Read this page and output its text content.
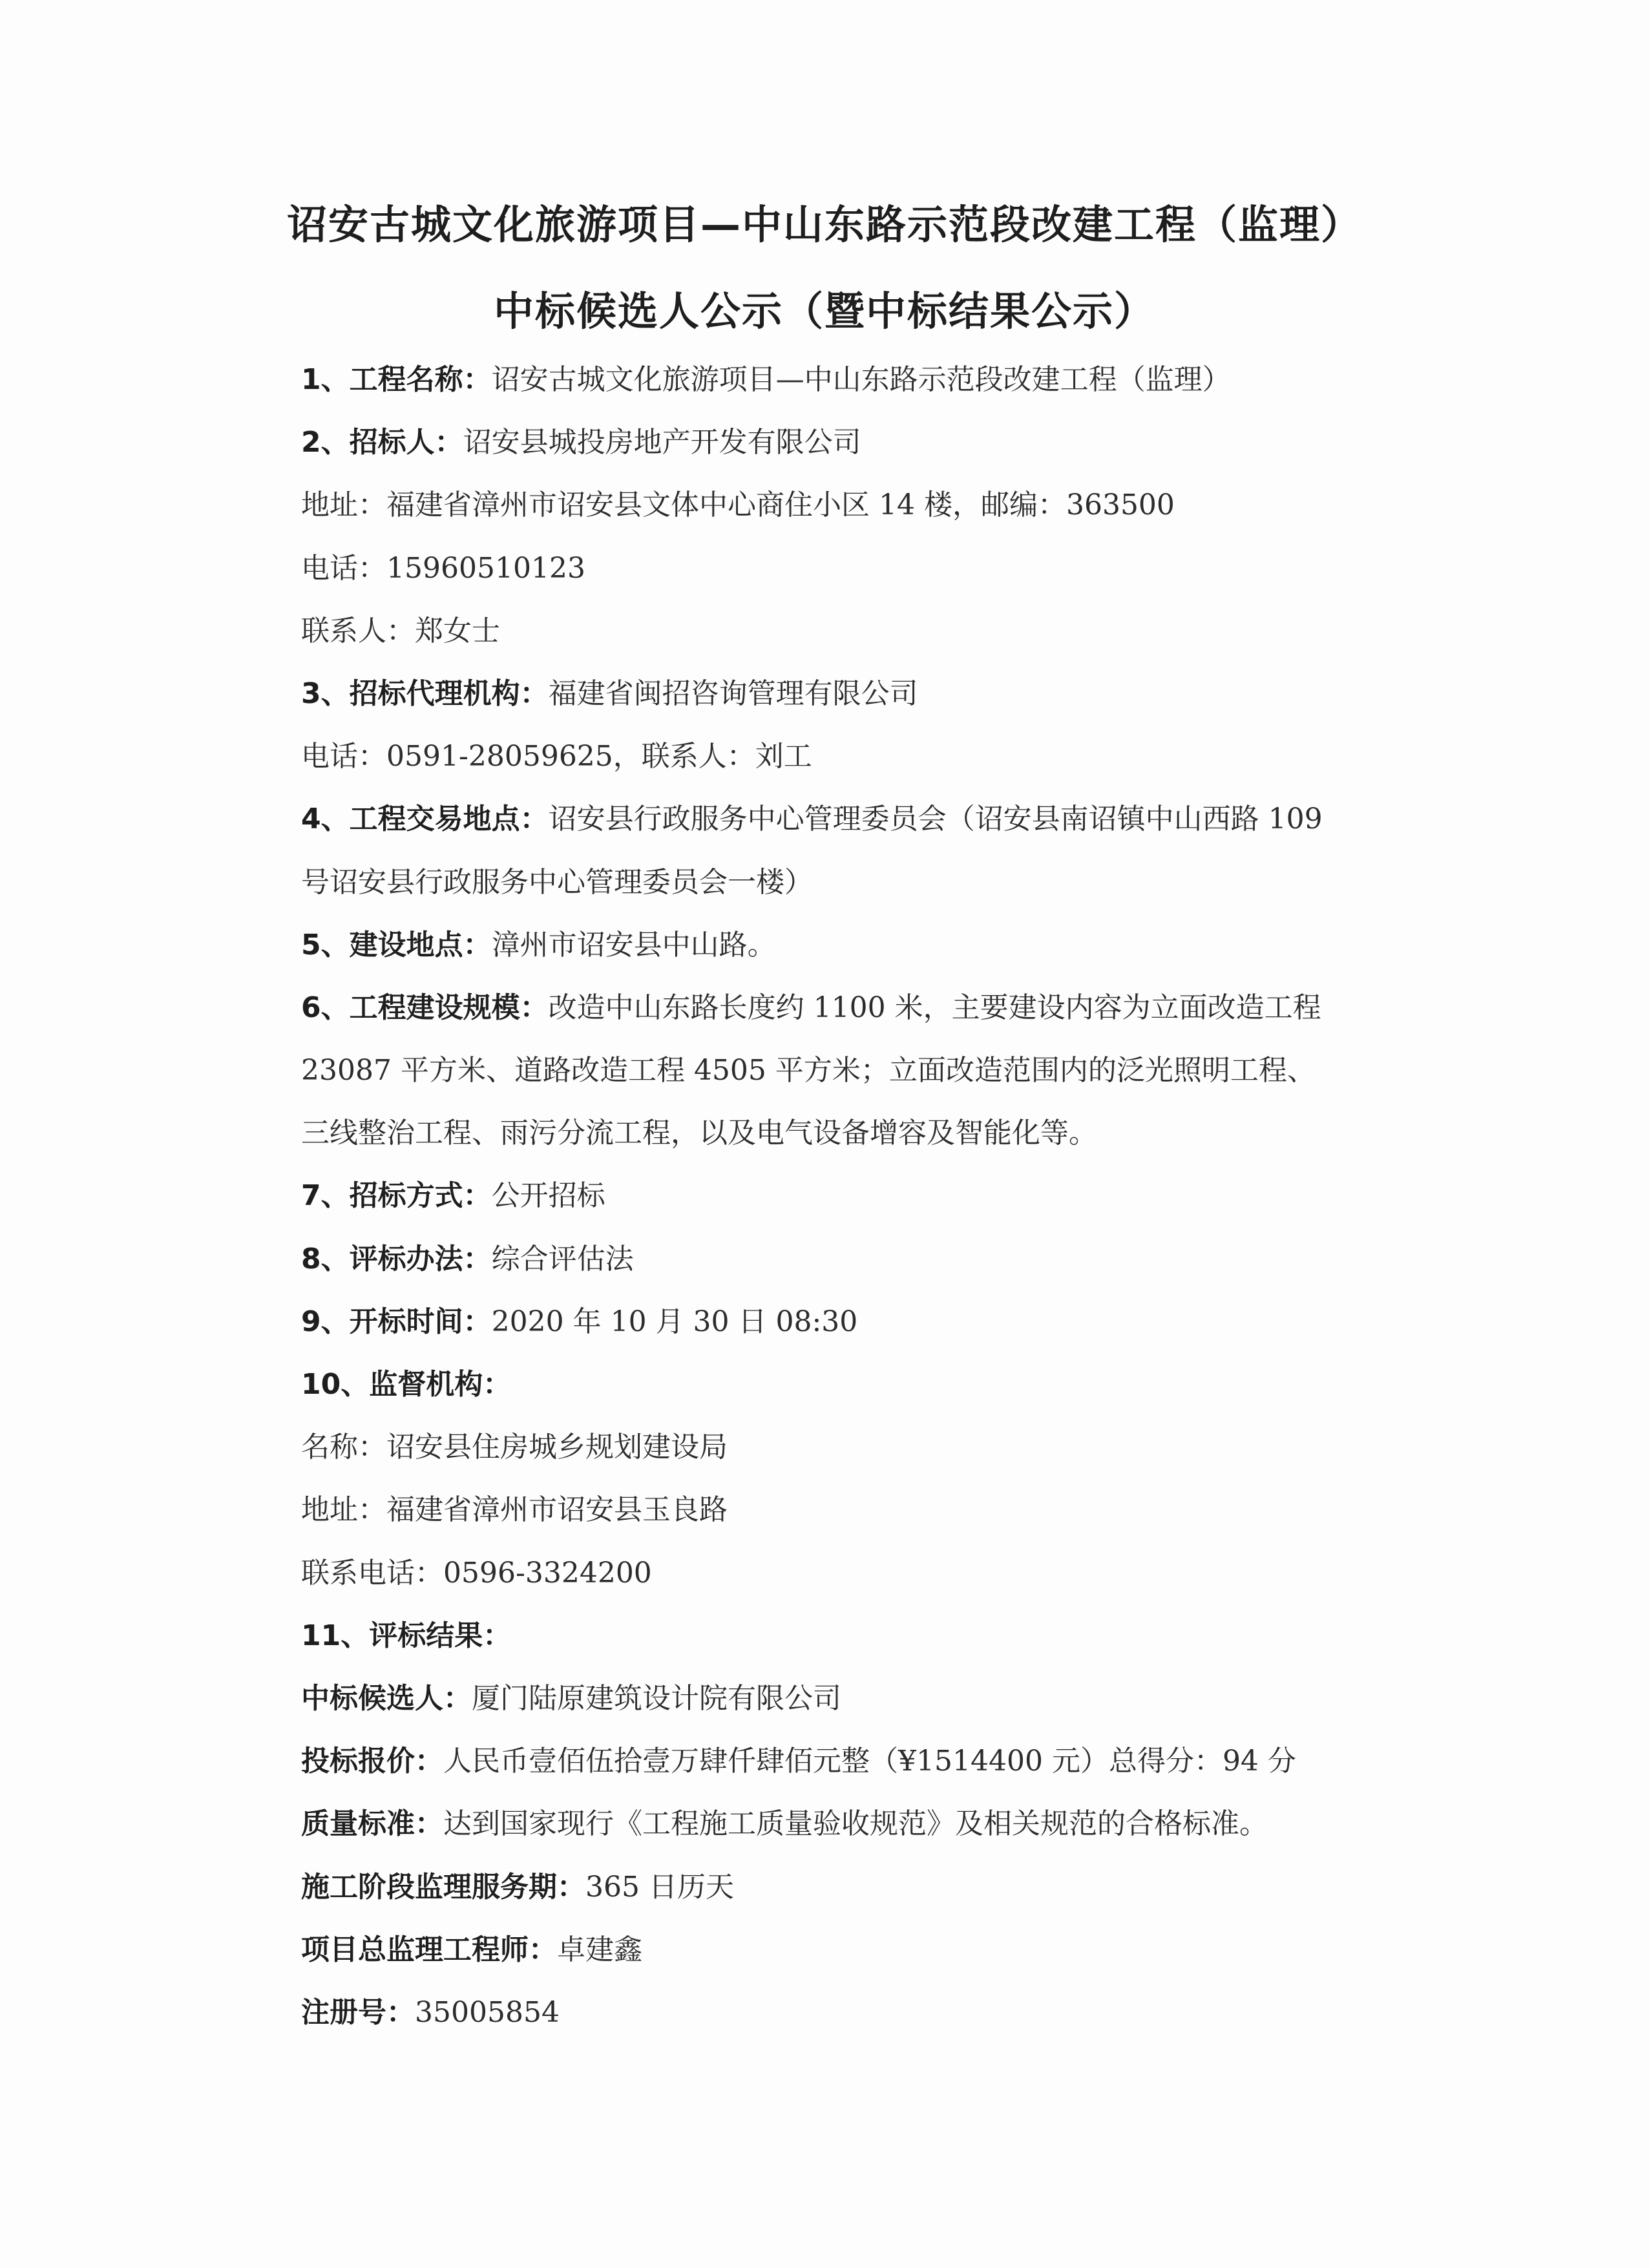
诏安古城文化旅游项目—中山东路示范段改建工程（监理）
中标候选人公示（暨中标结果公示）
1、工程名称：诏安古城文化旅游项目—中山东路示范段改建工程（监理）
2、招标人：诏安县城投房地产开发有限公司
地址：福建省漳州市诏安县文体中心商住小区 14 楼，邮编：363500
电话：15960510123
联系人：郑女士
3、招标代理机构：福建省闽招咨询管理有限公司
电话：0591-28059625，联系人：刘工
4、工程交易地点：诏安县行政服务中心管理委员会（诏安县南诏镇中山西路 109
号诏安县行政服务中心管理委员会一楼）
5、建设地点：漳州市诏安县中山路。
6、工程建设规模：改造中山东路长度约 1100 米，主要建设内容为立面改造工程
23087 平方米、道路改造工程 4505 平方米；立面改造范围内的泛光照明工程、
三线整治工程、雨污分流工程，以及电气设备增容及智能化等。
7、招标方式：公开招标
8、评标办法：综合评估法
9、开标时间：2020 年 10 月 30 日 08:30
10、监督机构：
名称：诏安县住房城乡规划建设局
地址：福建省漳州市诏安县玉良路
联系电话：0596-3324200
11、评标结果：
中标候选人：厦门陆原建筑设计院有限公司
投标报价：人民币壹佰伍拾壹万肆仟肆佰元整（¥1514400 元）总得分：94 分
质量标准：达到国家现行《工程施工质量验收规范》及相关规范的合格标准。
施工阶段监理服务期：365 日历天
项目总监理工程师：卓建鑫
注册号：35005854
